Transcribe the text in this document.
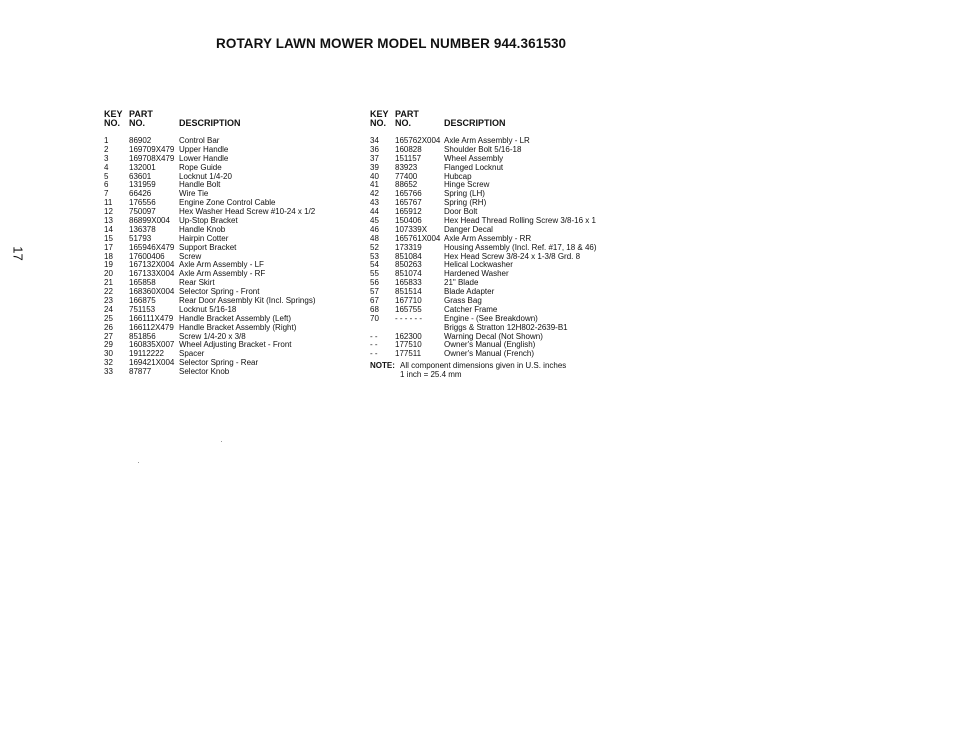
ROTARY LAWN MOWER MODEL NUMBER 944.361530
17
KEY PART
NO. NO.	DESCRIPTION
1	86902	Control Bar
2	169709X479 Upper Handle
3	169708X479 Lower Handle
4	132001	Rope Guide
5	63601	Locknut 1/4-20
6	131959	Handle Bolt
7	66426	Wire Tie
11 176556	Engine Zone Control Cable
12 750097	Hex Washer Head Screw #10-24 x 1/2
13 86899X004 Up-Stop Bracket
14 136378	Handle Knob
15 51793	Hairpin Cotter
17 165946X479 Support Bracket
18 17600406 Screw
19 167132X004 Axle Arm Assembly - LF
20 167133X004 Axle Arm Assembly - RF
21 165858	Rear Skirt
22 168360X004 Selector Spring - Front
23 166875	Rear Door Assembly Kit (Incl. Springs)
24 751153	Locknut 5/16-18
25 166111X479 Handle Bracket Assembly (Left)
26 166112X479 Handle Bracket Assembly (Right)
27 851856	Screw 1/4-20 x 3/8
29 160835X007 Wheel Adjusting Bracket - Front
30 19112222 Spacer
32 169421X004 Selector Spring - Rear
33 87877	Selector Knob
KEY PART
NO. NO.	DESCRIPTION
34 165762X004 Axle Arm Assembly - LR
36 160828	Shoulder Bolt 5/16-18
37 151157	Wheel Assembly
39 83923	Flanged Locknut
40 77400	Hubcap
41 88652	Hinge Screw
42 165766	Spring (LH)
43 165767	Spring (RH)
44 165912	Door Bolt
45 150406	Hex Head Thread Rolling Screw 3/8-16 x 1
46 107339X Danger Decal
48 165761X004 Axle Arm Assembly - RR
52 173319	Housing Assembly (Incl. Ref. #17, 18 & 46)
53 851084	Hex Head Screw 3/8-24 x 1-3/8 Grd. 8
54 850263	Helical Lockwasher
55 851074	Hardened Washer
56 165833	21" Blade
57 851514	Blade Adapter
67 167710	Grass Bag
68 165755	Catcher Frame
70 - - - - - -	Engine - (See Breakdown)
Briggs & Stratton 12H802-2639-B1
- - 162300	Warning Decal (Not Shown)
- - 177510	Owner's Manual (English)
- - 177511	Owner's Manual (French)
NOTE: All component dimensions given in U.S. inches
1 inch = 25.4 mm
